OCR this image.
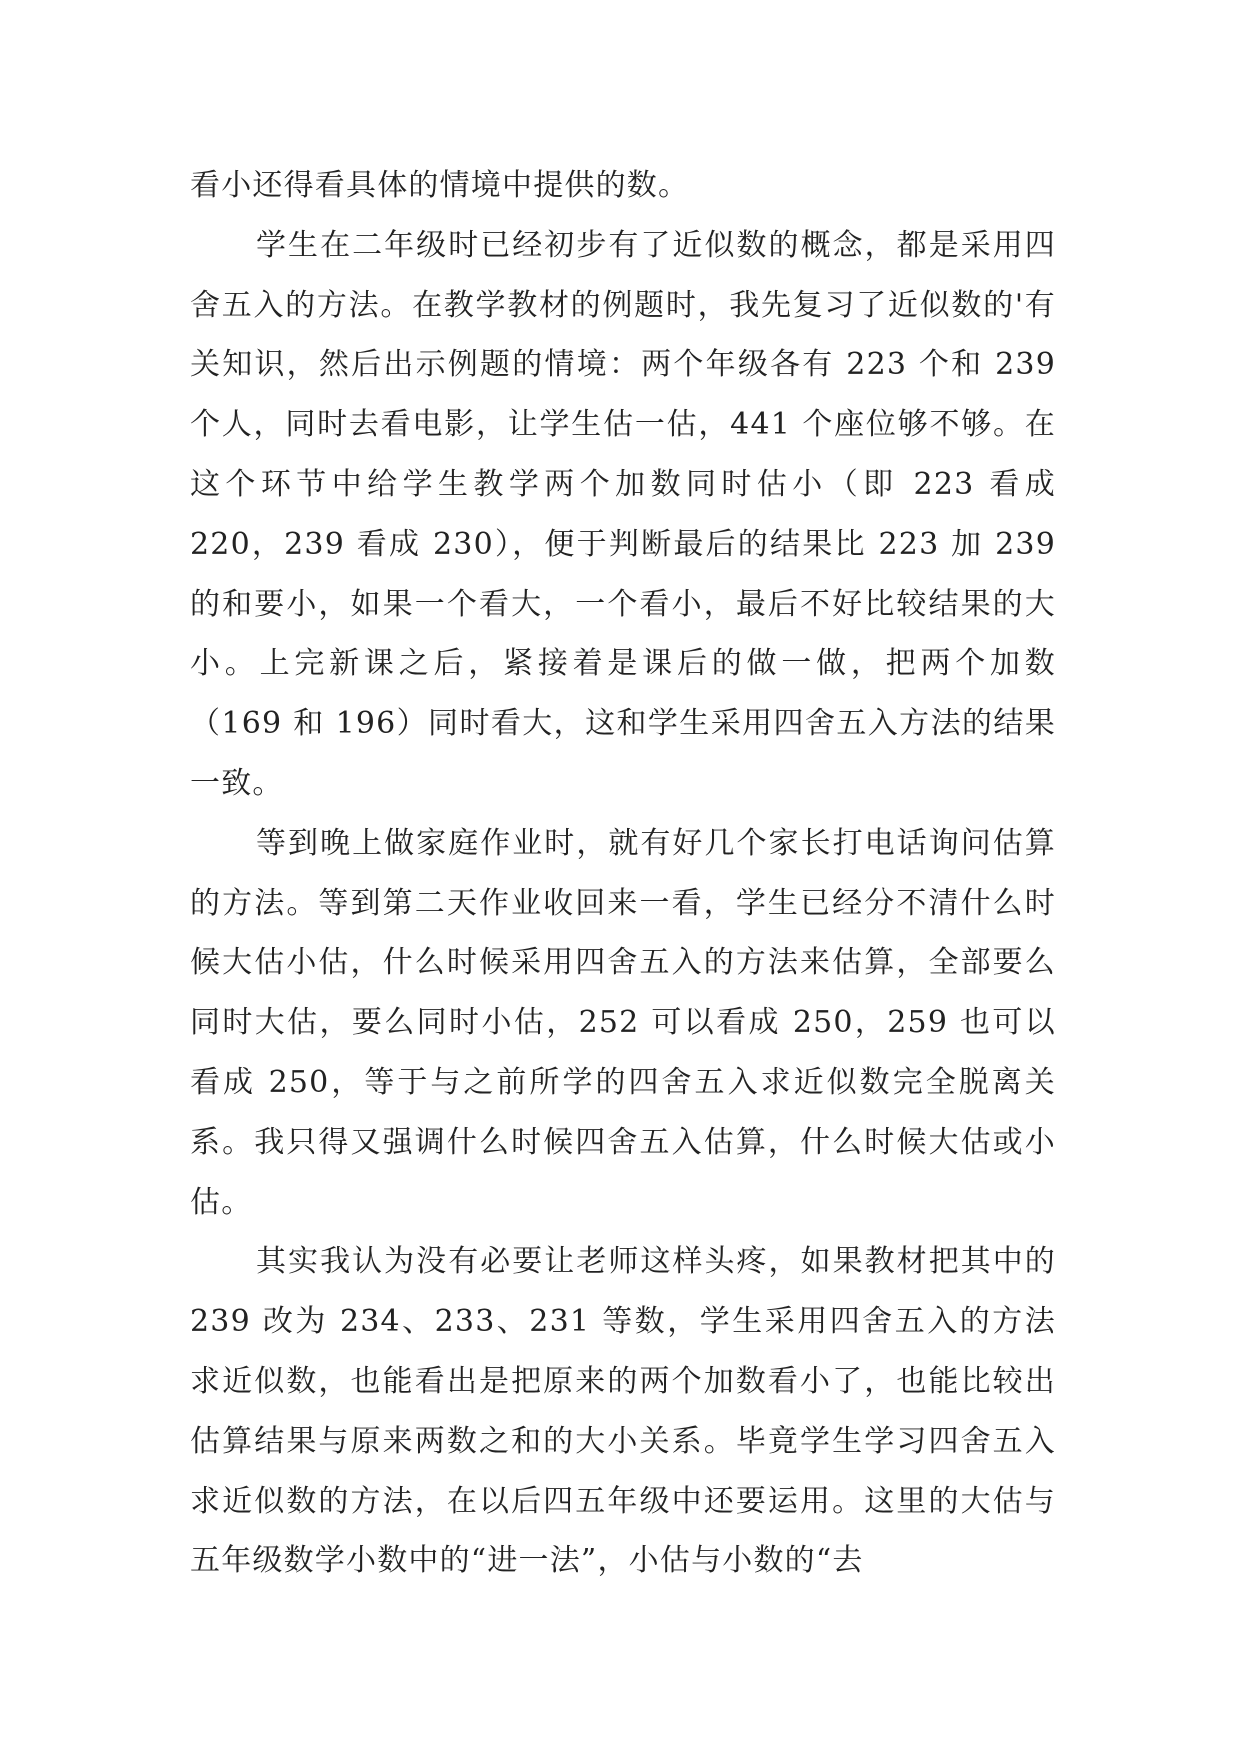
看小还得看具体的情境中提供的数。

学生在二年级时已经初步有了近似数的概念，都是采用四舍五入的方法。在教学教材的例题时，我先复习了近似数的'有关知识，然后出示例题的情境：两个年级各有 223 个和 239 个人，同时去看电影，让学生估一估，441 个座位够不够。在这个环节中给学生教学两个加数同时估小（即 223 看成 220，239 看成 230），便于判断最后的结果比 223 加 239 的和要小，如果一个看大，一个看小，最后不好比较结果的大小。上完新课之后，紧接着是课后的做一做，把两个加数（169 和 196）同时看大，这和学生采用四舍五入方法的结果一致。

等到晚上做家庭作业时，就有好几个家长打电话询问估算的方法。等到第二天作业收回来一看，学生已经分不清什么时候大估小估，什么时候采用四舍五入的方法来估算，全部要么同时大估，要么同时小估，252 可以看成 250，259 也可以看成 250，等于与之前所学的四舍五入求近似数完全脱离关系。我只得又强调什么时候四舍五入估算，什么时候大估或小估。

其实我认为没有必要让老师这样头疼，如果教材把其中的 239 改为 234、233、231 等数，学生采用四舍五入的方法求近似数，也能看出是把原来的两个加数看小了，也能比较出估算结果与原来两数之和的大小关系。毕竟学生学习四舍五入求近似数的方法，在以后四五年级中还要运用。这里的大估与五年级数学小数中的“进一法”，小估与小数的“去
